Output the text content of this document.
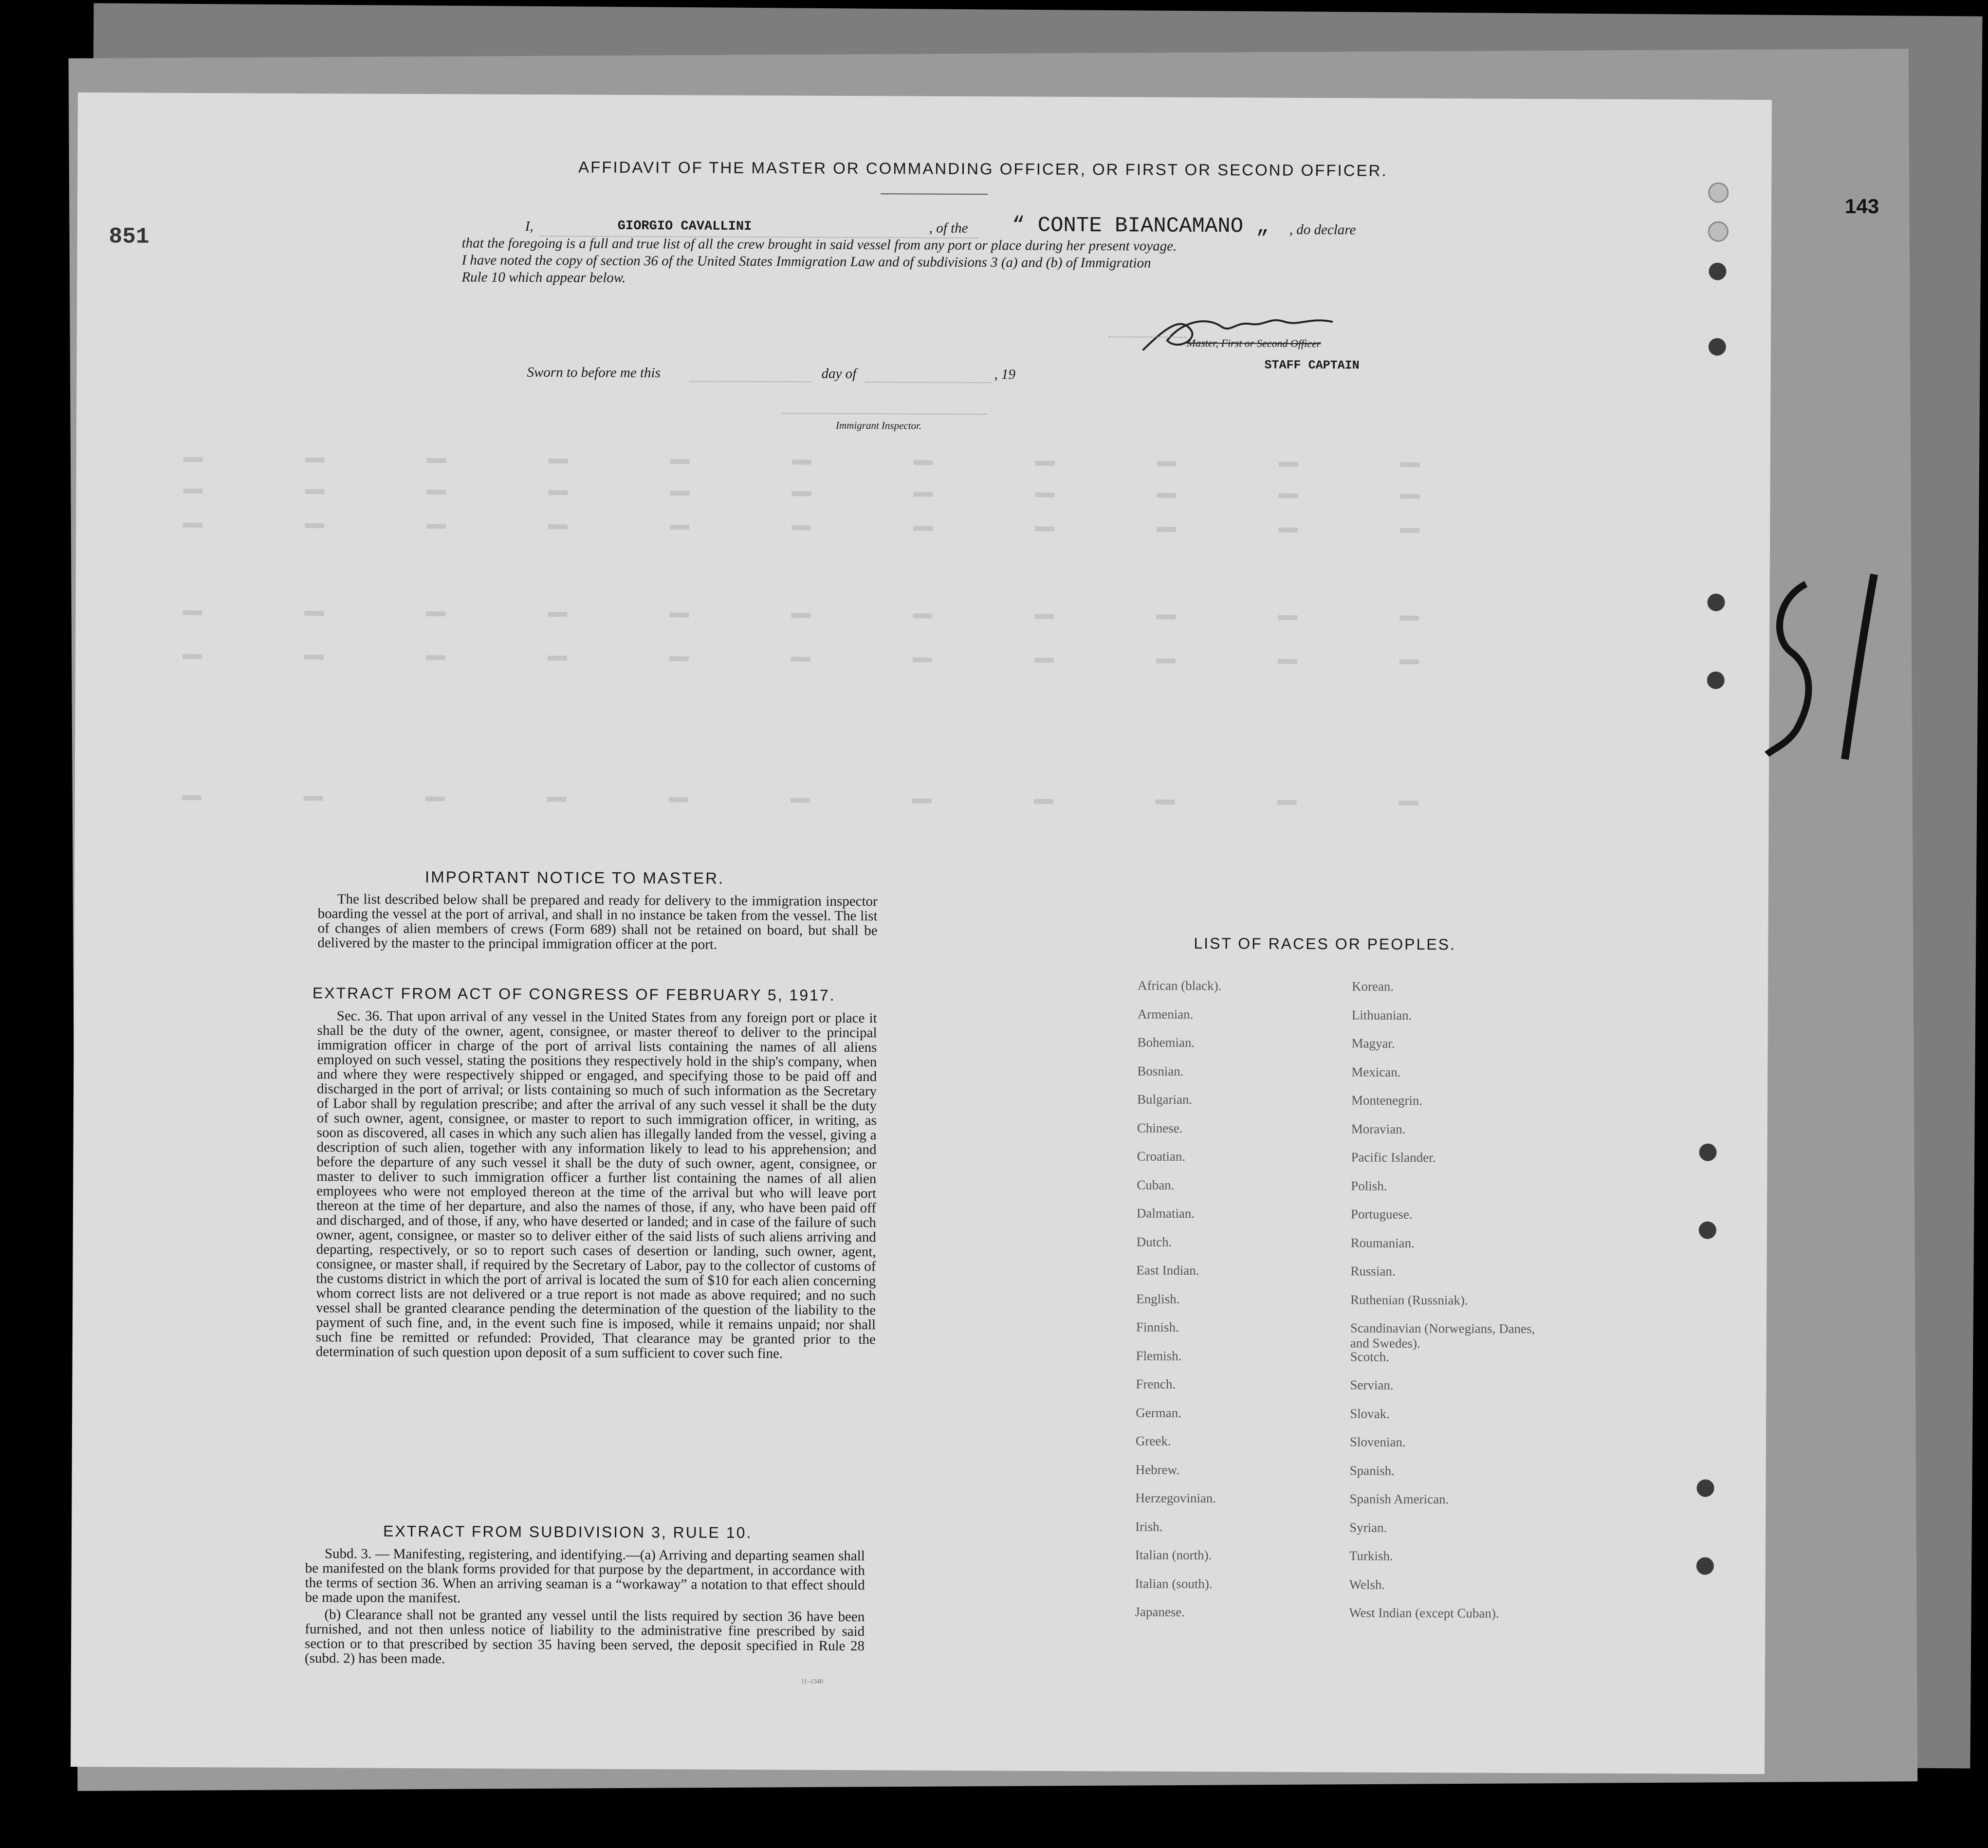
143
AFFIDAVIT OF THE MASTER OR COMMANDING OFFICER, OR FIRST OR SECOND OFFICER.
851	I,	GIORGIO CAVALLINI	, of the “ CONTE BIANCAMANO „ , do declare
that the foregoing is a full and true list of all the crew brought in said vessel from any port or place during her present voyage.
I have noted the copy of section 36 of the United States Immigration Law and of subdivisions 3 (a) and (b) of Immigration
Rule 10 which appear below.
Master, First or Second Officer
STAFF CAPTAIN
Sworn to before me this	day of	, 19
Immigrant Inspector.
IMPORTANT NOTICE TO MASTER.
The list described below shall be prepared and ready for delivery to the immigration inspector boarding the vessel at the port of arrival, and shall in no instance be taken from the vessel. The list of changes of alien members of crews (Form 689) shall not be retained on board, but shall be delivered by the master to the principal immigration officer at the port.
EXTRACT FROM ACT OF CONGRESS OF FEBRUARY 5, 1917.
Sec. 36. That upon arrival of any vessel in the United States from any foreign port or place it shall be the duty of the owner, agent, consignee, or master thereof to deliver to the principal immigration officer in charge of the port of arrival lists containing the names of all aliens employed on such vessel, stating the positions they respectively hold in the ship's company, when and where they were respectively shipped or engaged, and specifying those to be paid off and discharged in the port of arrival; or lists containing so much of such information as the Secretary of Labor shall by regulation prescribe; and after the arrival of any such vessel it shall be the duty of such owner, agent, consignee, or master to report to such immigration officer, in writing, as soon as discovered, all cases in which any such alien has illegally landed from the vessel, giving a description of such alien, together with any information likely to lead to his apprehension; and before the departure of any such vessel it shall be the duty of such owner, agent, consignee, or master to deliver to such immigration officer a further list containing the names of all alien employees who were not employed thereon at the time of the arrival but who will leave port thereon at the time of her departure, and also the names of those, if any, who have been paid off and discharged, and of those, if any, who have deserted or landed; and in case of the failure of such owner, agent, consignee, or master so to deliver either of the said lists of such aliens arriving and departing, respectively, or so to report such cases of desertion or landing, such owner, agent, consignee, or master shall, if required by the Secretary of Labor, pay to the collector of customs of the customs district in which the port of arrival is located the sum of $10 for each alien concerning whom correct lists are not delivered or a true report is not made as above required; and no such vessel shall be granted clearance pending the determination of the question of the liability to the payment of such fine, and, in the event such fine is imposed, while it remains unpaid; nor shall such fine be remitted or refunded: Provided, That clearance may be granted prior to the determination of such question upon deposit of a sum sufficient to cover such fine.
EXTRACT FROM SUBDIVISION 3, RULE 10.
Subd. 3. — Manifesting, registering, and identifying.—(a) Arriving and departing seamen shall be manifested on the blank forms provided for that purpose by the department, in accordance with the terms of section 36. When an arriving seaman is a “workaway” a notation to that effect should be made upon the manifest.
(b) Clearance shall not be granted any vessel until the lists required by section 36 have been furnished, and not then unless notice of liability to the administrative fine prescribed by said section or to that prescribed by section 35 having been served, the deposit specified in Rule 28 (subd. 2) has been made.
11–1340
LIST OF RACES OR PEOPLES.
African (black).
Armenian.
Bohemian.
Bosnian.
Bulgarian.
Chinese.
Croatian.
Cuban.
Dalmatian.
Dutch.
East Indian.
English.
Finnish.
Flemish.
French.
German.
Greek.
Hebrew.
Herzegovinian.
Irish.
Italian (north).
Italian (south).
Japanese.
Korean.
Lithuanian.
Magyar.
Mexican.
Montenegrin.
Moravian.
Pacific Islander.
Polish.
Portuguese.
Roumanian.
Russian.
Ruthenian (Russniak).
Scandinavian (Norwegians, Danes, and Swedes).
Scotch.
Servian.
Slovak.
Slovenian.
Spanish.
Spanish American.
Syrian.
Turkish.
Welsh.
West Indian (except Cuban).
